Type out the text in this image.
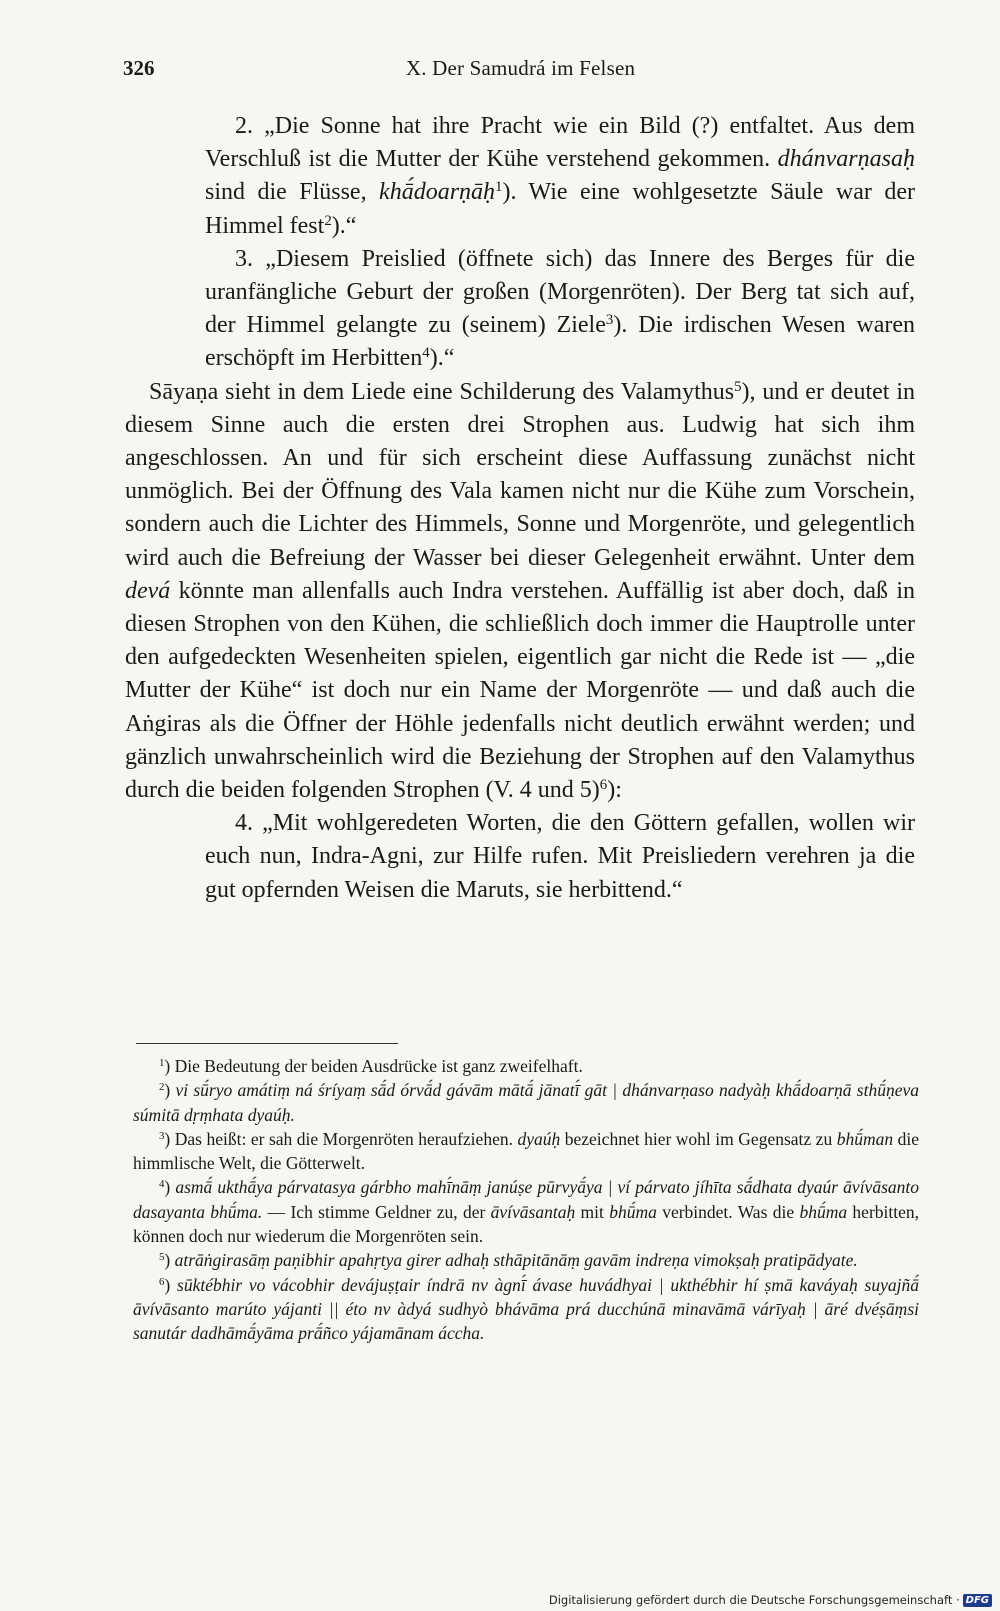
326	X. Der Samudrá im Felsen

2. „Die Sonne hat ihre Pracht wie ein Bild (?) entfaltet. Aus dem Verschluß ist die Mutter der Kühe verstehend gekommen. dhánvarṇasaḥ sind die Flüsse, khā́doarṇāḥ$^1$). Wie eine wohlgesetzte Säule war der Himmel fest$^2$).“

3. „Diesem Preislied (öffnete sich) das Innere des Berges für die uranfängliche Geburt der großen (Morgenröten). Der Berg tat sich auf, der Himmel gelangte zu (seinem) Ziele$^3$). Die irdischen Wesen waren erschöpft im Herbitten$^4$).“

Sāyaṇa sieht in dem Liede eine Schilderung des Valamythus$^5$), und er deutet in diesem Sinne auch die ersten drei Strophen aus. Ludwig hat sich ihm angeschlossen. An und für sich erscheint diese Auffassung zunächst nicht unmöglich. Bei der Öffnung des Vala kamen nicht nur die Kühe zum Vorschein, sondern auch die Lichter des Himmels, Sonne und Morgenröte, und gelegentlich wird auch die Befreiung der Wasser bei dieser Gelegenheit erwähnt. Unter dem devá könnte man allenfalls auch Indra verstehen. Auffällig ist aber doch, daß in diesen Strophen von den Kühen, die schließlich doch immer die Hauptrolle unter den aufgedeckten Wesenheiten spielen, eigentlich gar nicht die Rede ist — „die Mutter der Kühe“ ist doch nur ein Name der Morgenröte — und daß auch die Aṅgiras als die Öffner der Höhle jedenfalls nicht deutlich erwähnt werden; und gänzlich unwahrscheinlich wird die Beziehung der Strophen auf den Valamythus durch die beiden folgenden Strophen (V. 4 und 5)$^6$):

4. „Mit wohlgeredeten Worten, die den Göttern gefallen, wollen wir euch nun, Indra-Agni, zur Hilfe rufen. Mit Preisliedern verehren ja die gut opfernden Weisen die Maruts, sie herbittend.“

$^1$) Die Bedeutung der beiden Ausdrücke ist ganz zweifelhaft.

$^2$) vi sū́ryo amátiṃ ná śríyaṃ sā́d órvā́d gávām mātā́ jānatī́ gāt | dhánvarṇaso nadyàḥ khā́doarṇā sthū́ṇeva súmitā dṛṃhata dyaúḥ.

$^3$) Das heißt: er sah die Morgenröten heraufziehen. dyaúḥ bezeichnet hier wohl im Gegensatz zu bhū́man die himmlische Welt, die Götterwelt.

$^4$) asmā́ ukthā́ya párvatasya gárbho mahī́nāṃ janúṣe pūrvyā́ya | ví párvato jíhīta sā́dhata dyaúr āvívāsanto dasayanta bhū́ma. — Ich stimme Geldner zu, der āvívāsantaḥ mit bhū́ma verbindet. Was die bhū́ma herbitten, können doch nur wiederum die Morgenröten sein.

$^5$) atrāṅgirasāṃ paṇibhir apahṛtya girer adhaḥ sthāpitānāṃ gavām indreṇa vimokṣaḥ pratipādyate.

$^6$) sūktébhir vo vácobhir devájuṣṭair índrā nv àgnī́ ávase huvádhyai | ukthébhir hí ṣmā kaváyaḥ suyajñā́ āvívāsanto marúto yájanti || éto nv àdyá sudhyò bhávāma prá ducchúnā minavāmā várīyaḥ | āré dvéṣāṃsi sanutár dadhāmā́yāma prā́ñco yájamānam áccha.

Digitalisierung gefördert durch die Deutsche Forschungsgemeinschaft · DFG
